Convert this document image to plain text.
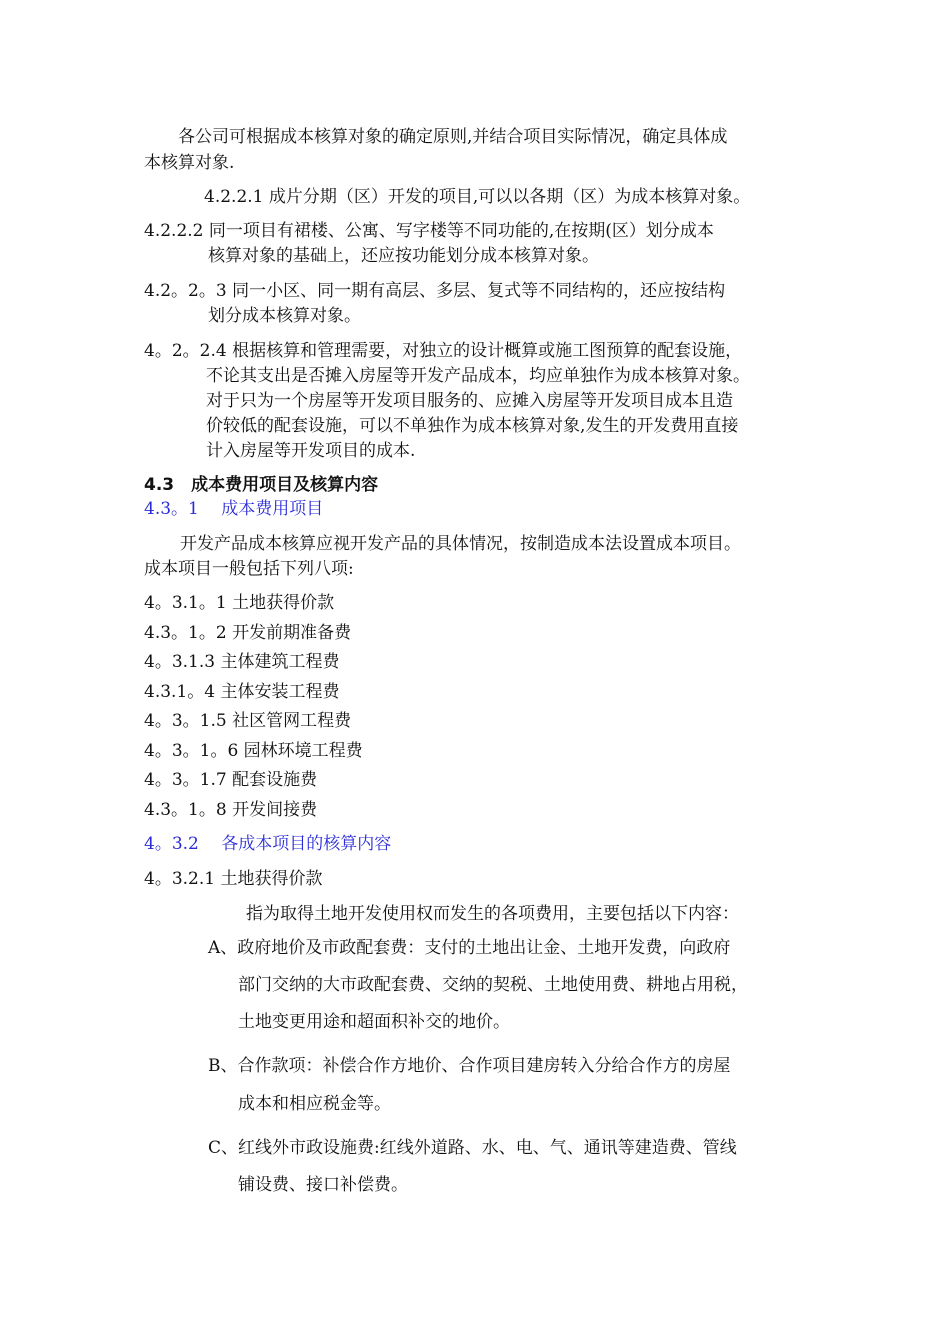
各公司可根据成本核算对象的确定原则,并结合项目实际情况，确定具体成
本核算对象.
4.2.2.1 成片分期（区）开发的项目,可以以各期（区）为成本核算对象。
4.2.2.2 同一项目有裙楼、公寓、写字楼等不同功能的,在按期(区）划分成本
核算对象的基础上，还应按功能划分成本核算对象。
4.2。2。3 同一小区、同一期有高层、多层、复式等不同结构的，还应按结构
划分成本核算对象。
4。2。2.4 根据核算和管理需要，对独立的设计概算或施工图预算的配套设施，
不论其支出是否摊入房屋等开发产品成本，均应单独作为成本核算对象。
对于只为一个房屋等开发项目服务的、应摊入房屋等开发项目成本且造
价较低的配套设施，可以不单独作为成本核算对象,发生的开发费用直接
计入房屋等开发项目的成本.
4.3　成本费用项目及核算内容
4.3。1　 成本费用项目
开发产品成本核算应视开发产品的具体情况，按制造成本法设置成本项目。
成本项目一般包括下列八项:
4。3.1。1 土地获得价款
4.3。1。2 开发前期准备费
4。3.1.3 主体建筑工程费
4.3.1。4 主体安装工程费
4。3。1.5 社区管网工程费
4。3。1。6 园林环境工程费
4。3。1.7 配套设施费
4.3。1。8 开发间接费
4。3.2　 各成本项目的核算内容
4。3.2.1 土地获得价款
指为取得土地开发使用权而发生的各项费用，主要包括以下内容：
A、政府地价及市政配套费：支付的土地出让金、土地开发费，向政府
部门交纳的大市政配套费、交纳的契税、土地使用费、耕地占用税，
土地变更用途和超面积补交的地价。
B、合作款项：补偿合作方地价、合作项目建房转入分给合作方的房屋
成本和相应税金等。
C、红线外市政设施费:红线外道路、水、电、气、通讯等建造费、管线
铺设费、接口补偿费。
